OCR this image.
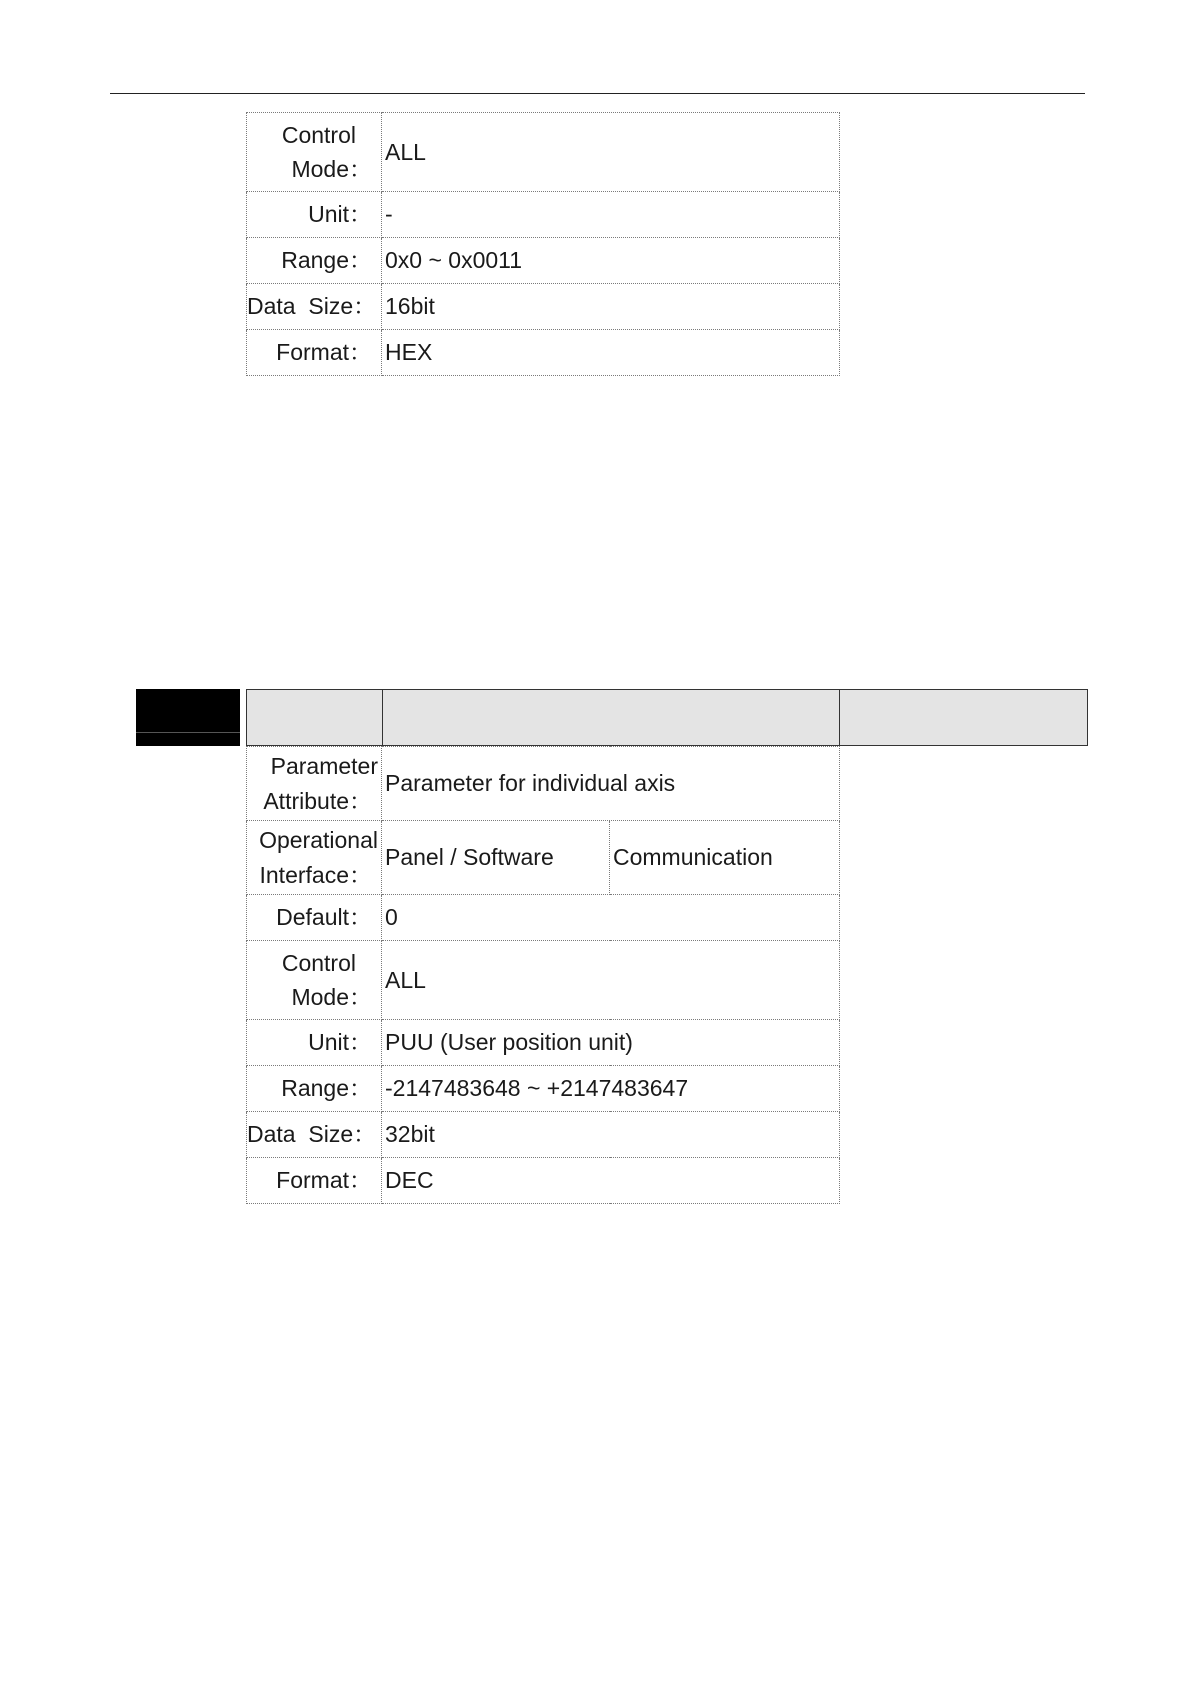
Control
Mode：	ALL
Unit：	-
Range：	0x0 ~ 0x0011
Data  Size：	16bit
Format：	HEX
Parameter
Attribute：	Parameter for individual axis	

Operational
Interface：	Panel / Software	Communication
Default：	0	

Control
Mode：	ALL	
Unit：	PUU (User position unit)	
Range：	-2147483648 ~ +2147483647	
Data  Size：	32bit	
Format：	DEC	
